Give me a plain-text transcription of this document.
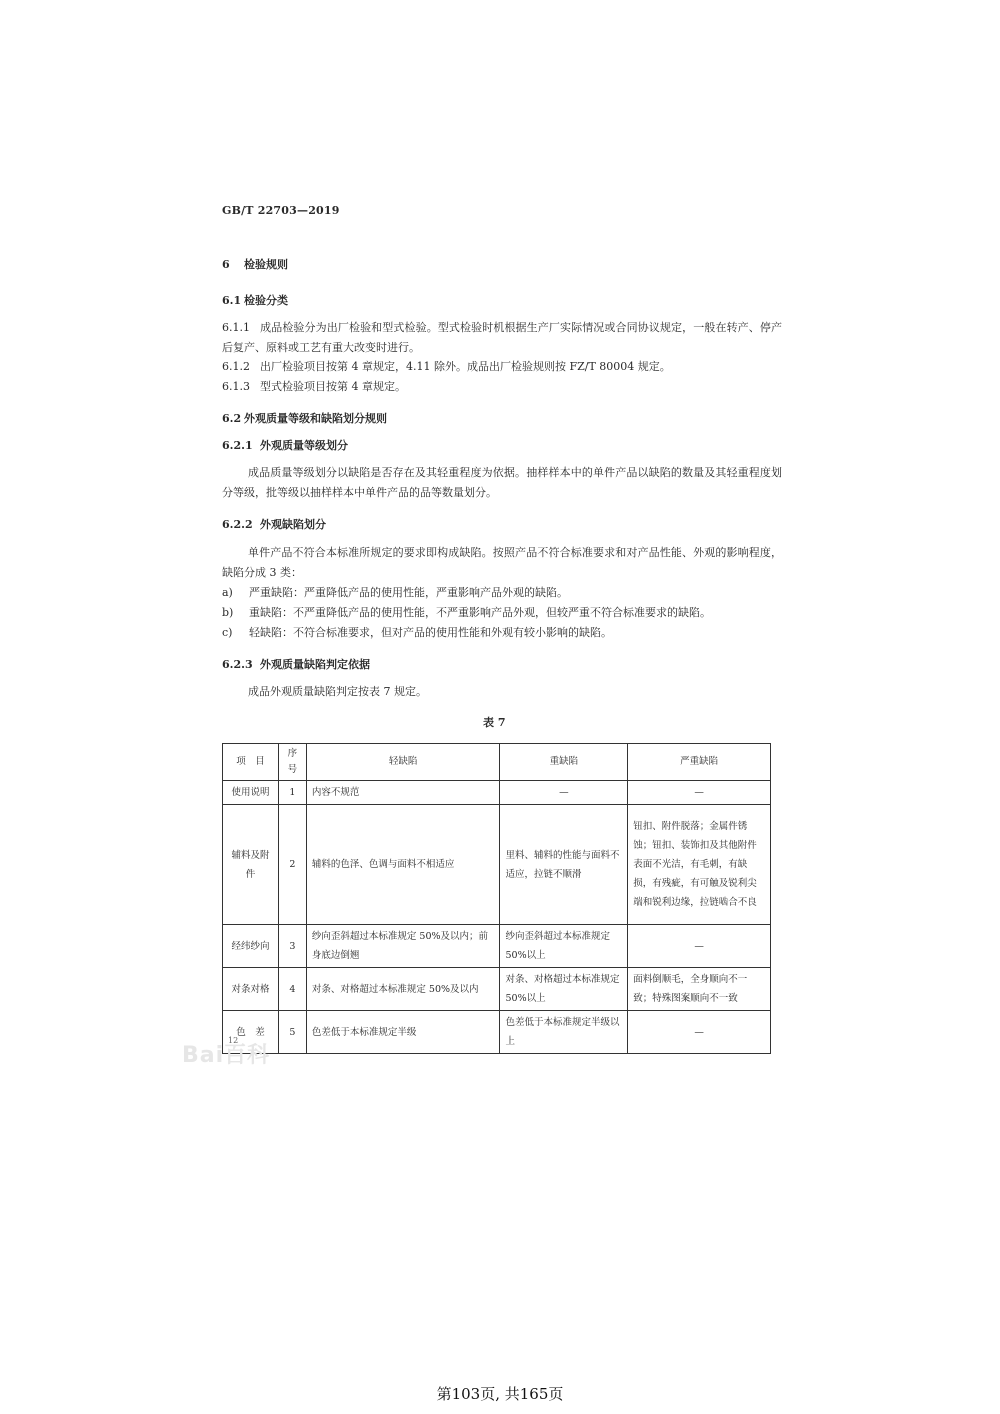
GB/T 22703—2019
6 检验规则
6.1 检验分类
6.1.1 成品检验分为出厂检验和型式检验。型式检验时机根据生产厂实际情况或合同协议规定，一般在转产、停产后复产、原料或工艺有重大改变时进行。
6.1.2 出厂检验项目按第 4 章规定，4.11 除外。成品出厂检验规则按 FZ/T 80004 规定。
6.1.3 型式检验项目按第 4 章规定。
6.2 外观质量等级和缺陷划分规则
6.2.1 外观质量等级划分
成品质量等级划分以缺陷是否存在及其轻重程度为依据。抽样样本中的单件产品以缺陷的数量及其轻重程度划分等级，批等级以抽样样本中单件产品的品等数量划分。
6.2.2 外观缺陷划分
单件产品不符合本标准所规定的要求即构成缺陷。按照产品不符合标准要求和对产品性能、外观的影响程度，缺陷分成 3 类：
a) 严重缺陷：严重降低产品的使用性能，严重影响产品外观的缺陷。
b) 重缺陷：不严重降低产品的使用性能，不严重影响产品外观，但较严重不符合标准要求的缺陷。
c) 轻缺陷：不符合标准要求，但对产品的使用性能和外观有较小影响的缺陷。
6.2.3 外观质量缺陷判定依据
成品外观质量缺陷判定按表 7 规定。
表 7
项　目	序号	轻缺陷	重缺陷	严重缺陷
使用说明	1	内容不规范	—	—
辅料及附件	2	辅料的色泽、色调与面料不相适应	里料、辅料的性能与面料不适应，拉链不顺滑	钮扣、附件脱落；金属件锈蚀；钮扣、装饰扣及其他附件表面不光洁，有毛刺，有缺损，有残疵，有可触及锐利尖端和锐利边缘，拉链啮合不良
经纬纱向	3	纱向歪斜超过本标准规定 50%及以内；前身底边倒翘	纱向歪斜超过本标准规定 50%以上	—
对条对格	4	对条、对格超过本标准规定 50%及以内	对条、对格超过本标准规定 50%以上	面料倒顺毛，全身顺向不一致；特殊图案顺向不一致
色　差	5	色差低于本标准规定半级	色差低于本标准规定半级以上	—
Bai百科
12
第103页, 共165页
